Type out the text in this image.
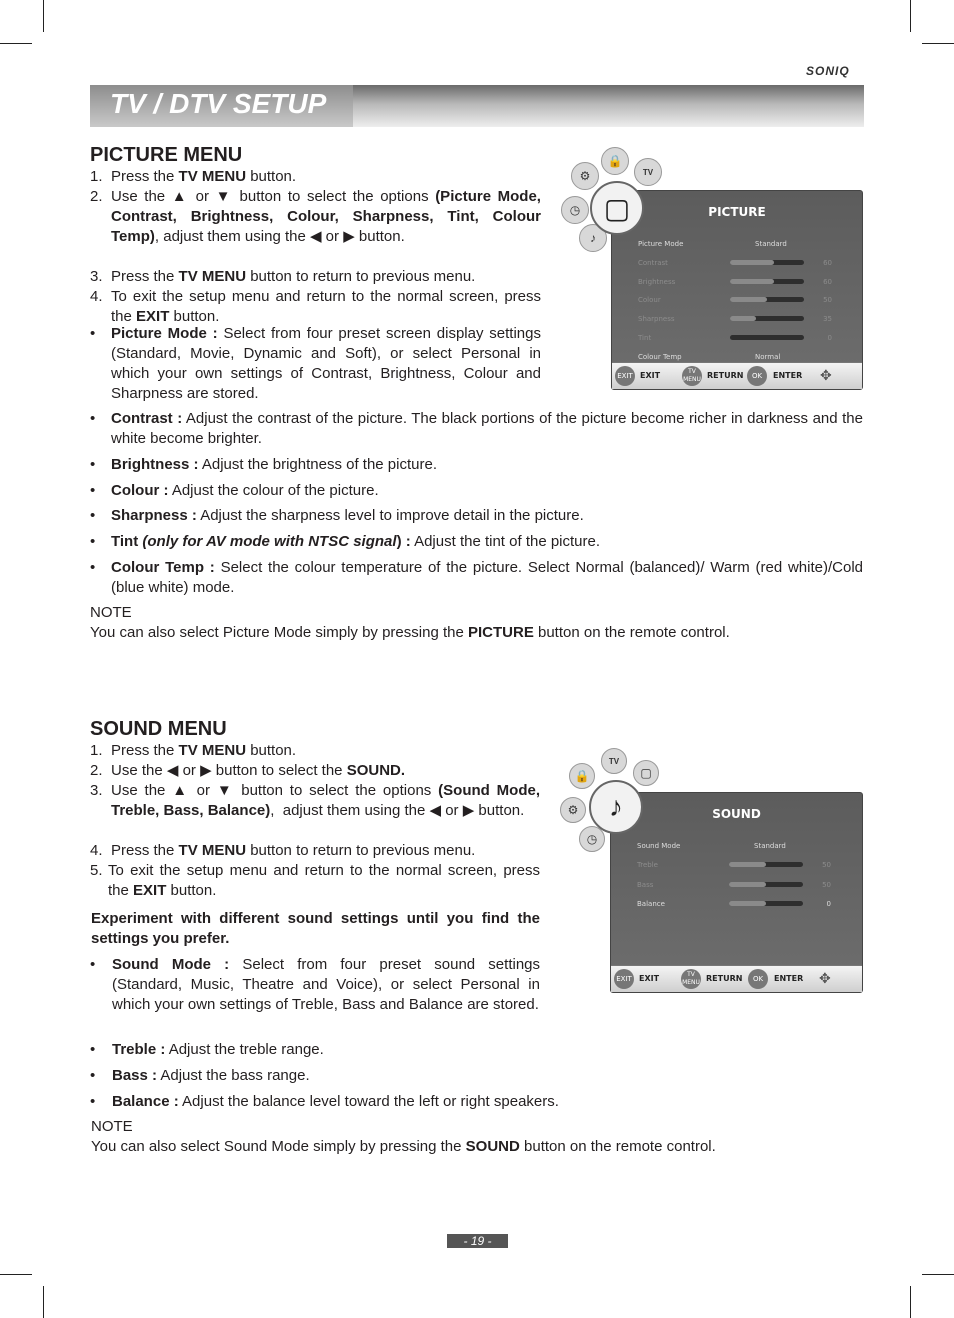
SONIQ
TV / DTV SETUP
PICTURE MENU
1. Press the TV MENU button.
2. Use the ▲ or ▼ button to select the options (Picture Mode, Contrast, Brightness, Colour, Sharpness, Tint, Colour Temp), adjust them using the ◀ or ▶ button.
3. Press the TV MENU button to return to previous menu.
4. To exit the setup menu and return to the normal screen, press the EXIT button.
• Picture Mode : Select from four preset screen display settings (Standard, Movie, Dynamic and Soft), or select Personal in which your own settings of Contrast, Brightness, Colour and Sharpness are stored.
• Contrast : Adjust the contrast of the picture. The black portions of the picture become richer in darkness and the white become brighter.
• Brightness : Adjust the brightness of the picture.
• Colour : Adjust the colour of the picture.
• Sharpness : Adjust the sharpness level to improve detail in the picture.
• Tint (only for AV mode with NTSC signal) : Adjust the tint of the picture.
• Colour Temp : Select the colour temperature of the picture. Select Normal (balanced)/ Warm (red white)/Cold (blue white) mode.
NOTE
You can also select Picture Mode simply by pressing the PICTURE button on the remote control.
🔒
TV
⚙
◷
♪
PICTURE
Picture Mode	Standard
Contrast	60
Brightness	60
Colour	50
Sharpness	35
Tint	0
Colour Temp	Normal
EXIT EXIT	TV MENU RETURN	OK	ENTER ✥
▢
SOUND MENU
1. Press the TV MENU button.
2. Use the ◀ or ▶ button to select the SOUND.
3. Use the ▲ or ▼ button to select the options (Sound Mode, Treble, Bass, Balance),  adjust them using the ◀ or ▶ button.
4. Press the TV MENU button to return to previous menu.
5. To exit the setup menu and return to the normal screen, press the EXIT button.
Experiment with different sound settings until you find the settings you prefer.
• Sound Mode : Select from four preset sound settings (Standard, Music, Theatre and Voice), or select Personal in which your own settings of Treble, Bass and Balance are stored.
• Treble : Adjust the treble range.
• Bass : Adjust the bass range.
• Balance : Adjust the balance level toward the left or right speakers.
NOTE
You can also select Sound Mode simply by pressing the SOUND button on the remote control.
TV
▢
🔒
⚙
◷
SOUND
Sound Mode	Standard
Treble	50
Bass	50
Balance	0
EXIT EXIT	TV MENU RETURN	OK	ENTER ✥
♪
- 19 -
